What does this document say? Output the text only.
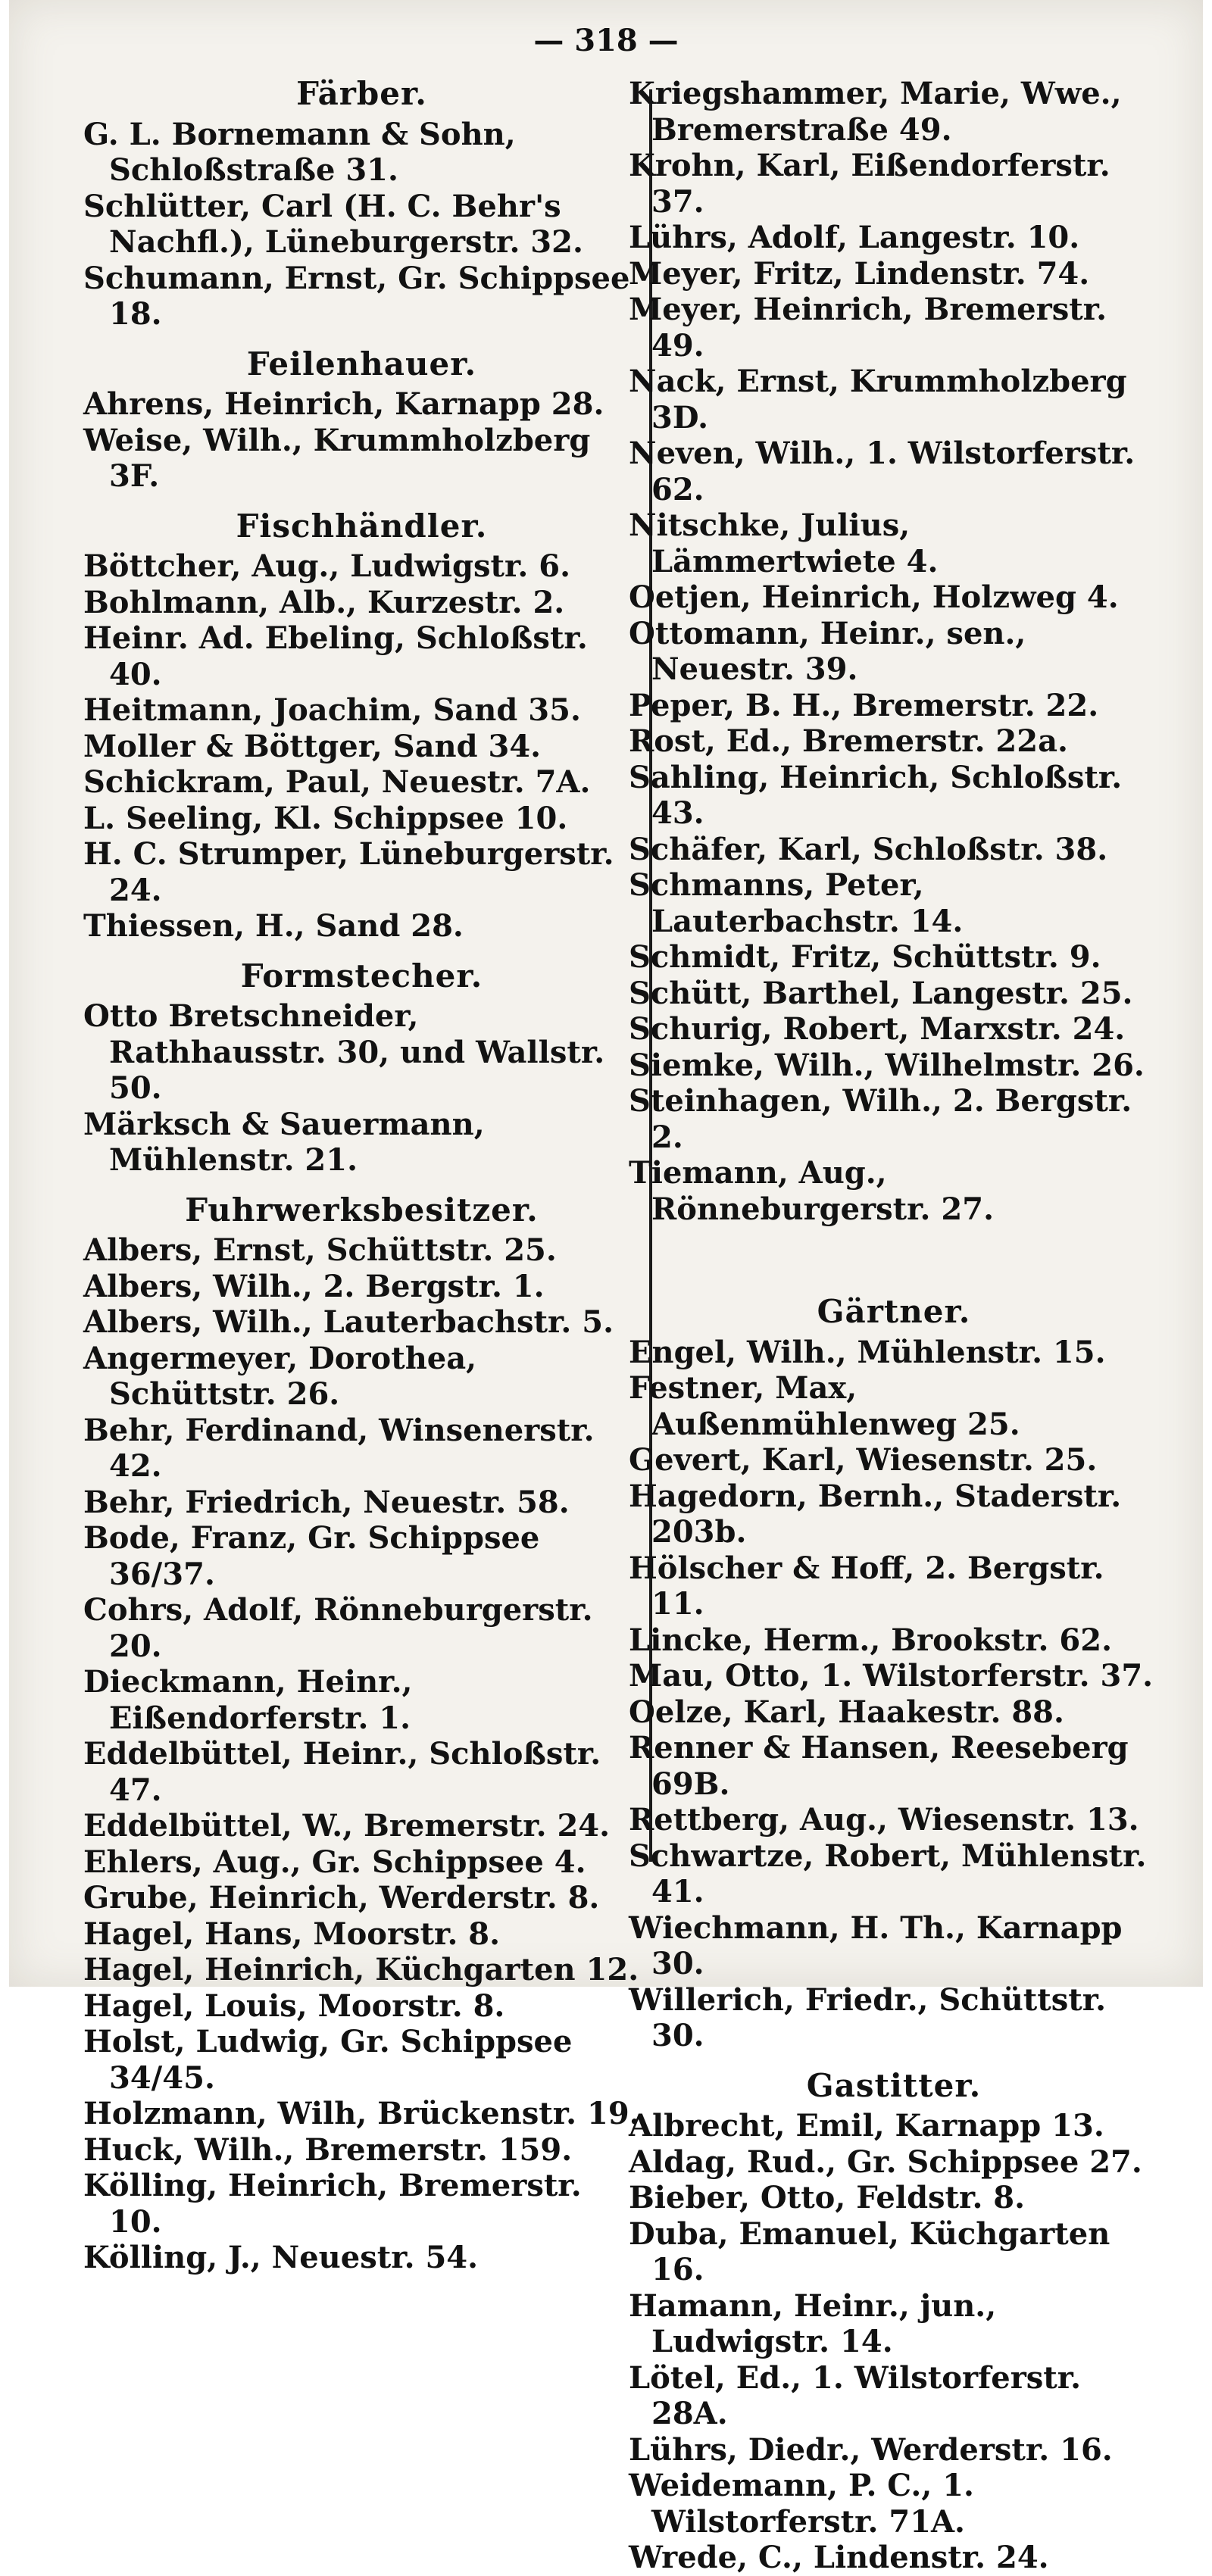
— 318 —
Färber.
G. L. Bornemann & Sohn, Schloßstraße 31.
Schlütter, Carl (H. C. Behr's Nachfl.), Lüneburgerstr. 32.
Schumann, Ernst, Gr. Schippsee 18.
Feilenhauer.
Ahrens, Heinrich, Karnapp 28.
Weise, Wilh., Krummholzberg 3F.
Fischhändler.
Böttcher, Aug., Ludwigstr. 6.
Bohlmann, Alb., Kurzestr. 2.
Heinr. Ad. Ebeling, Schloßstr. 40.
Heitmann, Joachim, Sand 35.
Moller & Böttger, Sand 34.
Schickram, Paul, Neuestr. 7A.
L. Seeling, Kl. Schippsee 10.
H. C. Strumper, Lüneburgerstr. 24.
Thiessen, H., Sand 28.
Formstecher.
Otto Bretschneider, Rathhausstr. 30, und Wallstr. 50.
Märksch & Sauermann, Mühlenstr. 21.
Fuhrwerksbesitzer.
Albers, Ernst, Schüttstr. 25.
Albers, Wilh., 2. Bergstr. 1.
Albers, Wilh., Lauterbachstr. 5.
Angermeyer, Dorothea, Schüttstr. 26.
Behr, Ferdinand, Winsenerstr. 42.
Behr, Friedrich, Neuestr. 58.
Bode, Franz, Gr. Schippsee 36/37.
Cohrs, Adolf, Rönneburgerstr. 20.
Dieckmann, Heinr., Eißendorferstr. 1.
Eddelbüttel, Heinr., Schloßstr. 47.
Eddelbüttel, W., Bremerstr. 24.
Ehlers, Aug., Gr. Schippsee 4.
Grube, Heinrich, Werderstr. 8.
Hagel, Hans, Moorstr. 8.
Hagel, Heinrich, Küchgarten 12.
Hagel, Louis, Moorstr. 8.
Holst, Ludwig, Gr. Schippsee 34/45.
Holzmann, Wilh, Brückenstr. 19.
Huck, Wilh., Bremerstr. 159.
Kölling, Heinrich, Bremerstr. 10.
Kölling, J., Neuestr. 54.
Kriegshammer, Marie, Wwe., Bremerstraße 49.
Krohn, Karl, Eißendorferstr. 37.
Lührs, Adolf, Langestr. 10.
Meyer, Fritz, Lindenstr. 74.
Meyer, Heinrich, Bremerstr. 49.
Nack, Ernst, Krummholzberg 3D.
Neven, Wilh., 1. Wilstorferstr. 62.
Nitschke, Julius, Lämmertwiete 4.
Oetjen, Heinrich, Holzweg 4.
Ottomann, Heinr., sen., Neuestr. 39.
Peper, B. H., Bremerstr. 22.
Rost, Ed., Bremerstr. 22a.
Sahling, Heinrich, Schloßstr. 43.
Schäfer, Karl, Schloßstr. 38.
Schmanns, Peter, Lauterbachstr. 14.
Schmidt, Fritz, Schüttstr. 9.
Schütt, Barthel, Langestr. 25.
Schurig, Robert, Marxstr. 24.
Siemke, Wilh., Wilhelmstr. 26.
Steinhagen, Wilh., 2. Bergstr. 2.
Tiemann, Aug., Rönneburgerstr. 27.
Gärtner.
Engel, Wilh., Mühlenstr. 15.
Festner, Max, Außenmühlenweg 25.
Gevert, Karl, Wiesenstr. 25.
Hagedorn, Bernh., Staderstr. 203b.
Hölscher & Hoff, 2. Bergstr. 11.
Lincke, Herm., Brookstr. 62.
Mau, Otto, 1. Wilstorferstr. 37.
Oelze, Karl, Haakestr. 88.
Renner & Hansen, Reeseberg 69B.
Rettberg, Aug., Wiesenstr. 13.
Schwartze, Robert, Mühlenstr. 41.
Wiechmann, H. Th., Karnapp 30.
Willerich, Friedr., Schüttstr. 30.
Gastitter.
Albrecht, Emil, Karnapp 13.
Aldag, Rud., Gr. Schippsee 27.
Bieber, Otto, Feldstr. 8.
Duba, Emanuel, Küchgarten 16.
Hamann, Heinr., jun., Ludwigstr. 14.
Lötel, Ed., 1. Wilstorferstr. 28A.
Lührs, Diedr., Werderstr. 16.
Weidemann, P. C., 1. Wilstorferstr. 71A.
Wrede, C., Lindenstr. 24.
